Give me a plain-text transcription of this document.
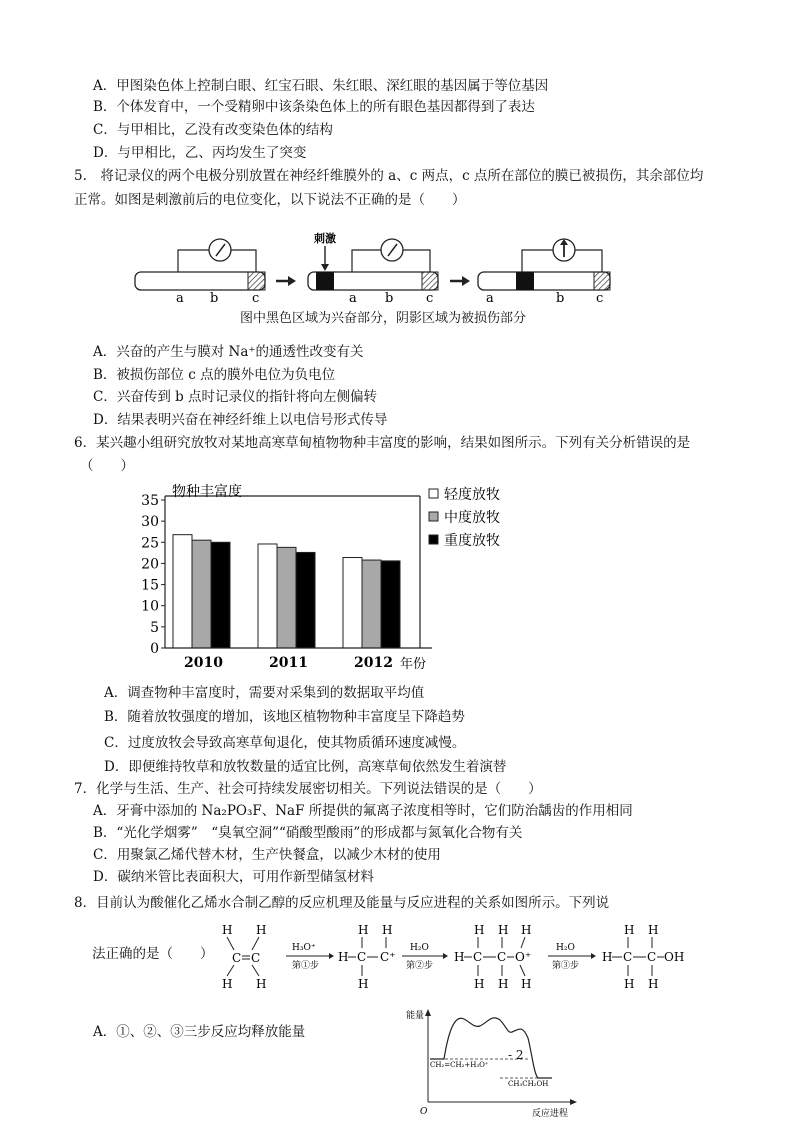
A．甲图染色体上控制白眼、红宝石眼、朱红眼、深红眼的基因属于等位基因
B．个体发育中，一个受精卵中该条染色体上的所有眼色基因都得到了表达
C．与甲相比，乙没有改变染色体的结构
D．与甲相比，乙、丙均发生了突变
5.　将记录仪的两个电极分别放置在神经纤维膜外的 a、c 两点，c 点所在部位的膜已被损伤，其余部位均
正常。如图是刺激前后的电位变化，以下说法不正确的是（　　）
a b	c
刺激
a b	c	a	b c
图中黑色区域为兴奋部分，阴影区域为被损伤部分
A．兴奋的产生与膜对 Na⁺的通透性改变有关
B．被损伤部位 c 点的膜外电位为负电位
C．兴奋传到 b 点时记录仪的指针将向左侧偏转
D．结果表明兴奋在神经纤维上以电信号形式传导
6．某兴趣小组研究放牧对某地高寒草甸植物物种丰富度的影响，结果如图所示。下列有关分析错误的是
（　　）
0
5
10
15
20
25
30
35
2010	2011	2012
轻度放牧
中度放牧
重度放牧
物种丰富度
年份
A．调查物种丰富度时，需要对采集到的数据取平均值
B．随着放牧强度的增加，该地区植物物种丰富度呈下降趋势
C．过度放牧会导致高寒草甸退化，使其物质循环速度减慢。
D．即便维持牧草和放牧数量的适宜比例，高寒草甸依然发生着演替
7．化学与生活、生产、社会可持续发展密切相关。下列说法错误的是（　　）
A．牙膏中添加的 Na₂PO₃F、NaF 所提供的氟离子浓度相等时，它们防治龋齿的作用相同
B．“光化学烟雾”　“臭氧空洞”“硝酸型酸雨”的形成都与氮氧化合物有关
C．用聚氯乙烯代替木材，生产快餐盒，以减少木材的使用
D．碳纳米管比表面积大，可用作新型储氢材料
8．目前认为酸催化乙烯水合制乙醇的反应机理及能量与反应进程的关系如图所示。下列说
法正确的是（　　）
H H
C C
H H
H₃O⁺
第①步
H H
H C C⁺
H
H₂O
第②步
H H H
H C C O⁺
H H H
H₂O
第③步
H H
H C C OH
H H
A．①、②、③三步反应均释放能量
能量
O	反应进程
CH₂=CH₂+H₃O⁺
CH₃CH₂OH
- 2
